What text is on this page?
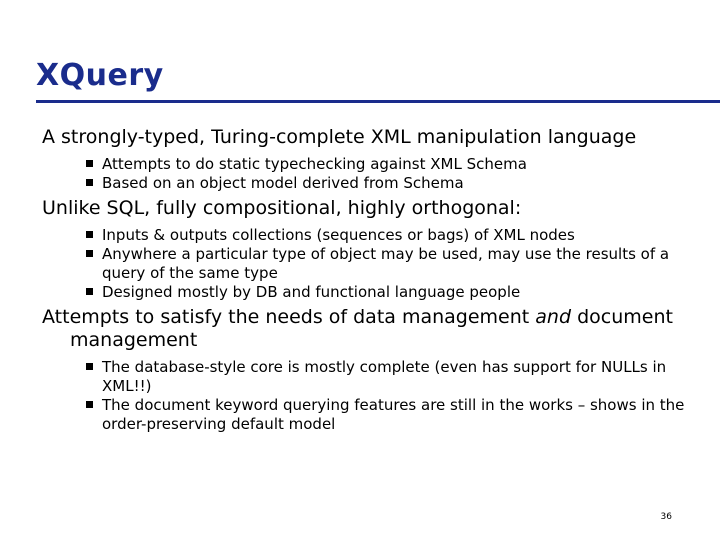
XQuery

A strongly-typed, Turing-complete XML manipulation language

Attempts to do static typechecking against XML Schema
Based on an object model derived from Schema

Unlike SQL, fully compositional, highly orthogonal:

Inputs & outputs collections (sequences or bags) of XML nodes
Anywhere a particular type of object may be used, may use the results of a query of the same type
Designed mostly by DB and functional language people

Attempts to satisfy the needs of data management and document management

The database-style core is mostly complete (even has support for NULLs in XML!!)
The document keyword querying features are still in the works – shows in the order-preserving default model
36
